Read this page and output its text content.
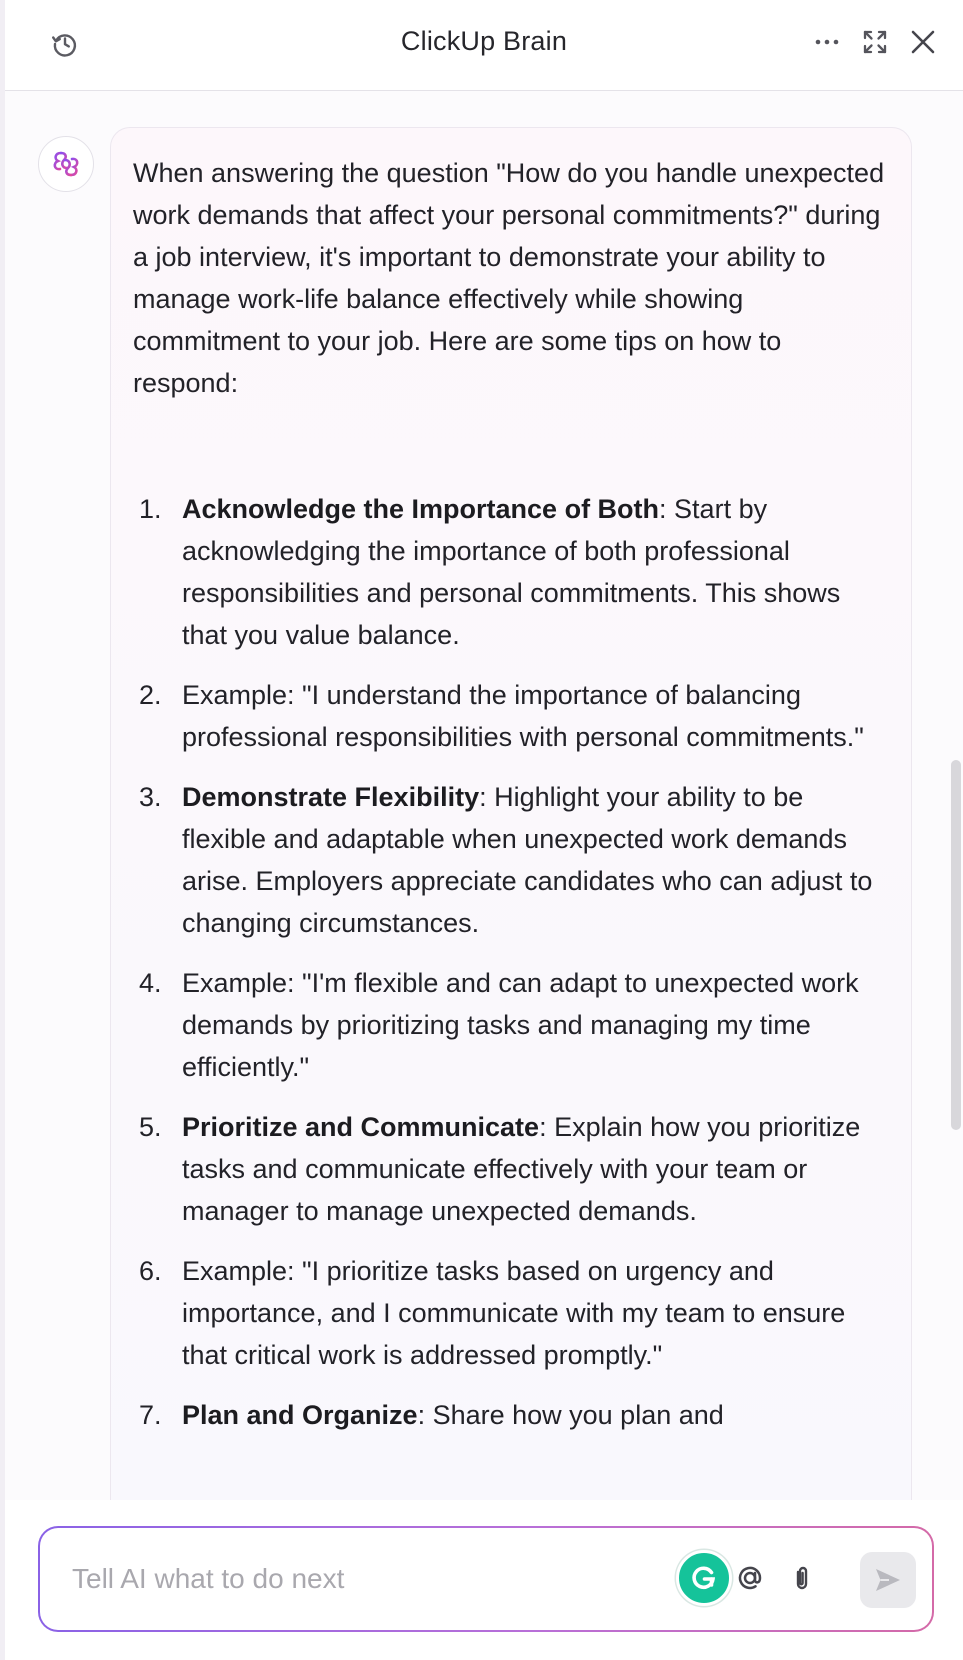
ClickUp Brain

When answering the question "How do you handle unexpected work demands that affect your personal commitments?" during a job interview, it's important to demonstrate your ability to manage work-life balance effectively while showing commitment to your job. Here are some tips on how to respond:

1. Acknowledge the Importance of Both: Start by acknowledging the importance of both professional responsibilities and personal commitments. This shows that you value balance.
2. Example: "I understand the importance of balancing professional responsibilities with personal commitments."
3. Demonstrate Flexibility: Highlight your ability to be flexible and adaptable when unexpected work demands arise. Employers appreciate candidates who can adjust to changing circumstances.
4. Example: "I'm flexible and can adapt to unexpected work demands by prioritizing tasks and managing my time efficiently."
5. Prioritize and Communicate: Explain how you prioritize tasks and communicate effectively with your team or manager to manage unexpected demands.
6. Example: "I prioritize tasks based on urgency and importance, and I communicate with my team to ensure that critical work is addressed promptly."
7. Plan and Organize: Share how you plan and
Tell AI what to do next
